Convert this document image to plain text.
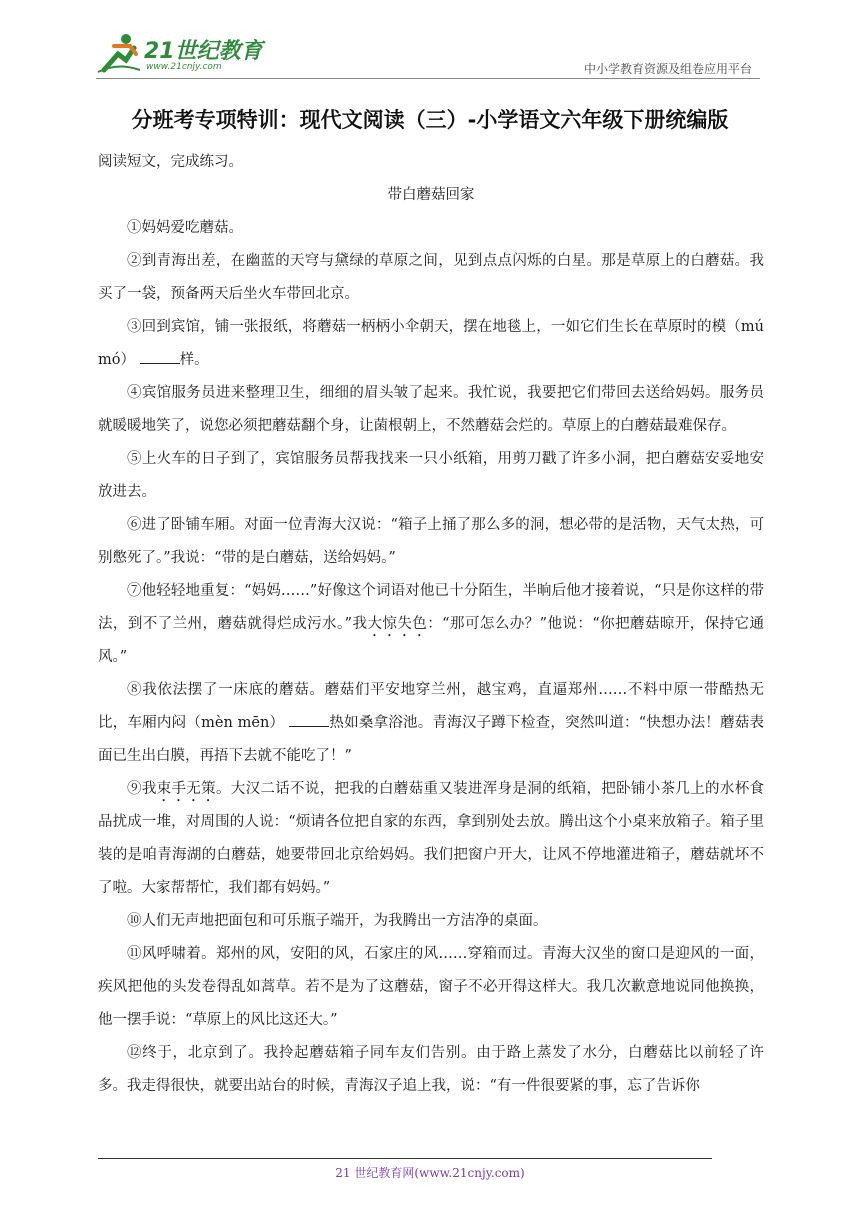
21世纪教育
www.21cnjy.com	中小学教育资源及组卷应用平台
分班考专项特训：现代文阅读（三）-小学语文六年级下册统编版

阅读短文，完成练习。

带白蘑菇回家

①妈妈爱吃蘑菇。

②到青海出差，在幽蓝的天穹与黛绿的草原之间，见到点点闪烁的白星。那是草原上的白蘑菇。我买了一袋，预备两天后坐火车带回北京。

③回到宾馆，铺一张报纸，将蘑菇一柄柄小伞朝天，摆在地毯上，一如它们生长在草原时的模（mú mó）	样。

④宾馆服务员进来整理卫生，细细的眉头皱了起来。我忙说，我要把它们带回去送给妈妈。服务员就暖暖地笑了，说您必须把蘑菇翻个身，让菌根朝上，不然蘑菇会烂的。草原上的白蘑菇最难保存。

⑤上火车的日子到了，宾馆服务员帮我找来一只小纸箱，用剪刀戳了许多小洞，把白蘑菇安妥地安放进去。

⑥进了卧铺车厢。对面一位青海大汉说：“箱子上捅了那么多的洞，想必带的是活物，天气太热，可别憋死了。”我说：“带的是白蘑菇，送给妈妈。”

⑦他轻轻地重复：“妈妈……”好像这个词语对他已十分陌生，半晌后他才接着说，“只是你这样的带法，到不了兰州，蘑菇就得烂成污水。”我大惊失色：“那可怎么办？”他说：“你把蘑菇晾开，保持它通风。”

⑧我依法摆了一床底的蘑菇。蘑菇们平安地穿兰州，越宝鸡，直逼郑州……不料中原一带酷热无比，车厢内闷（mèn mēn）	热如桑拿浴池。青海汉子蹲下检查，突然叫道：“快想办法！蘑菇表面已生出白膜，再捂下去就不能吃了！”

⑨我束手无策。大汉二话不说，把我的白蘑菇重又装进浑身是洞的纸箱，把卧铺小茶几上的水杯食品扰成一堆，对周围的人说：“烦请各位把自家的东西，拿到别处去放。腾出这个小桌来放箱子。箱子里装的是咱青海湖的白蘑菇，她要带回北京给妈妈。我们把窗户开大，让风不停地灌进箱子，蘑菇就坏不了啦。大家帮帮忙，我们都有妈妈。”

⑩人们无声地把面包和可乐瓶子端开，为我腾出一方洁净的桌面。

⑪风呼啸着。郑州的风，安阳的风，石家庄的风……穿箱而过。青海大汉坐的窗口是迎风的一面，疾风把他的头发卷得乱如蒿草。若不是为了这蘑菇，窗子不必开得这样大。我几次歉意地说同他换换，他一摆手说：“草原上的风比这还大。”

⑫终于，北京到了。我拎起蘑菇箱子同车友们告别。由于路上蒸发了水分，白蘑菇比以前轻了许多。我走得很快，就要出站台的时候，青海汉子追上我，说：“有一件很要紧的事，忘了告诉你

21 世纪教育网(www.21cnjy.com)
